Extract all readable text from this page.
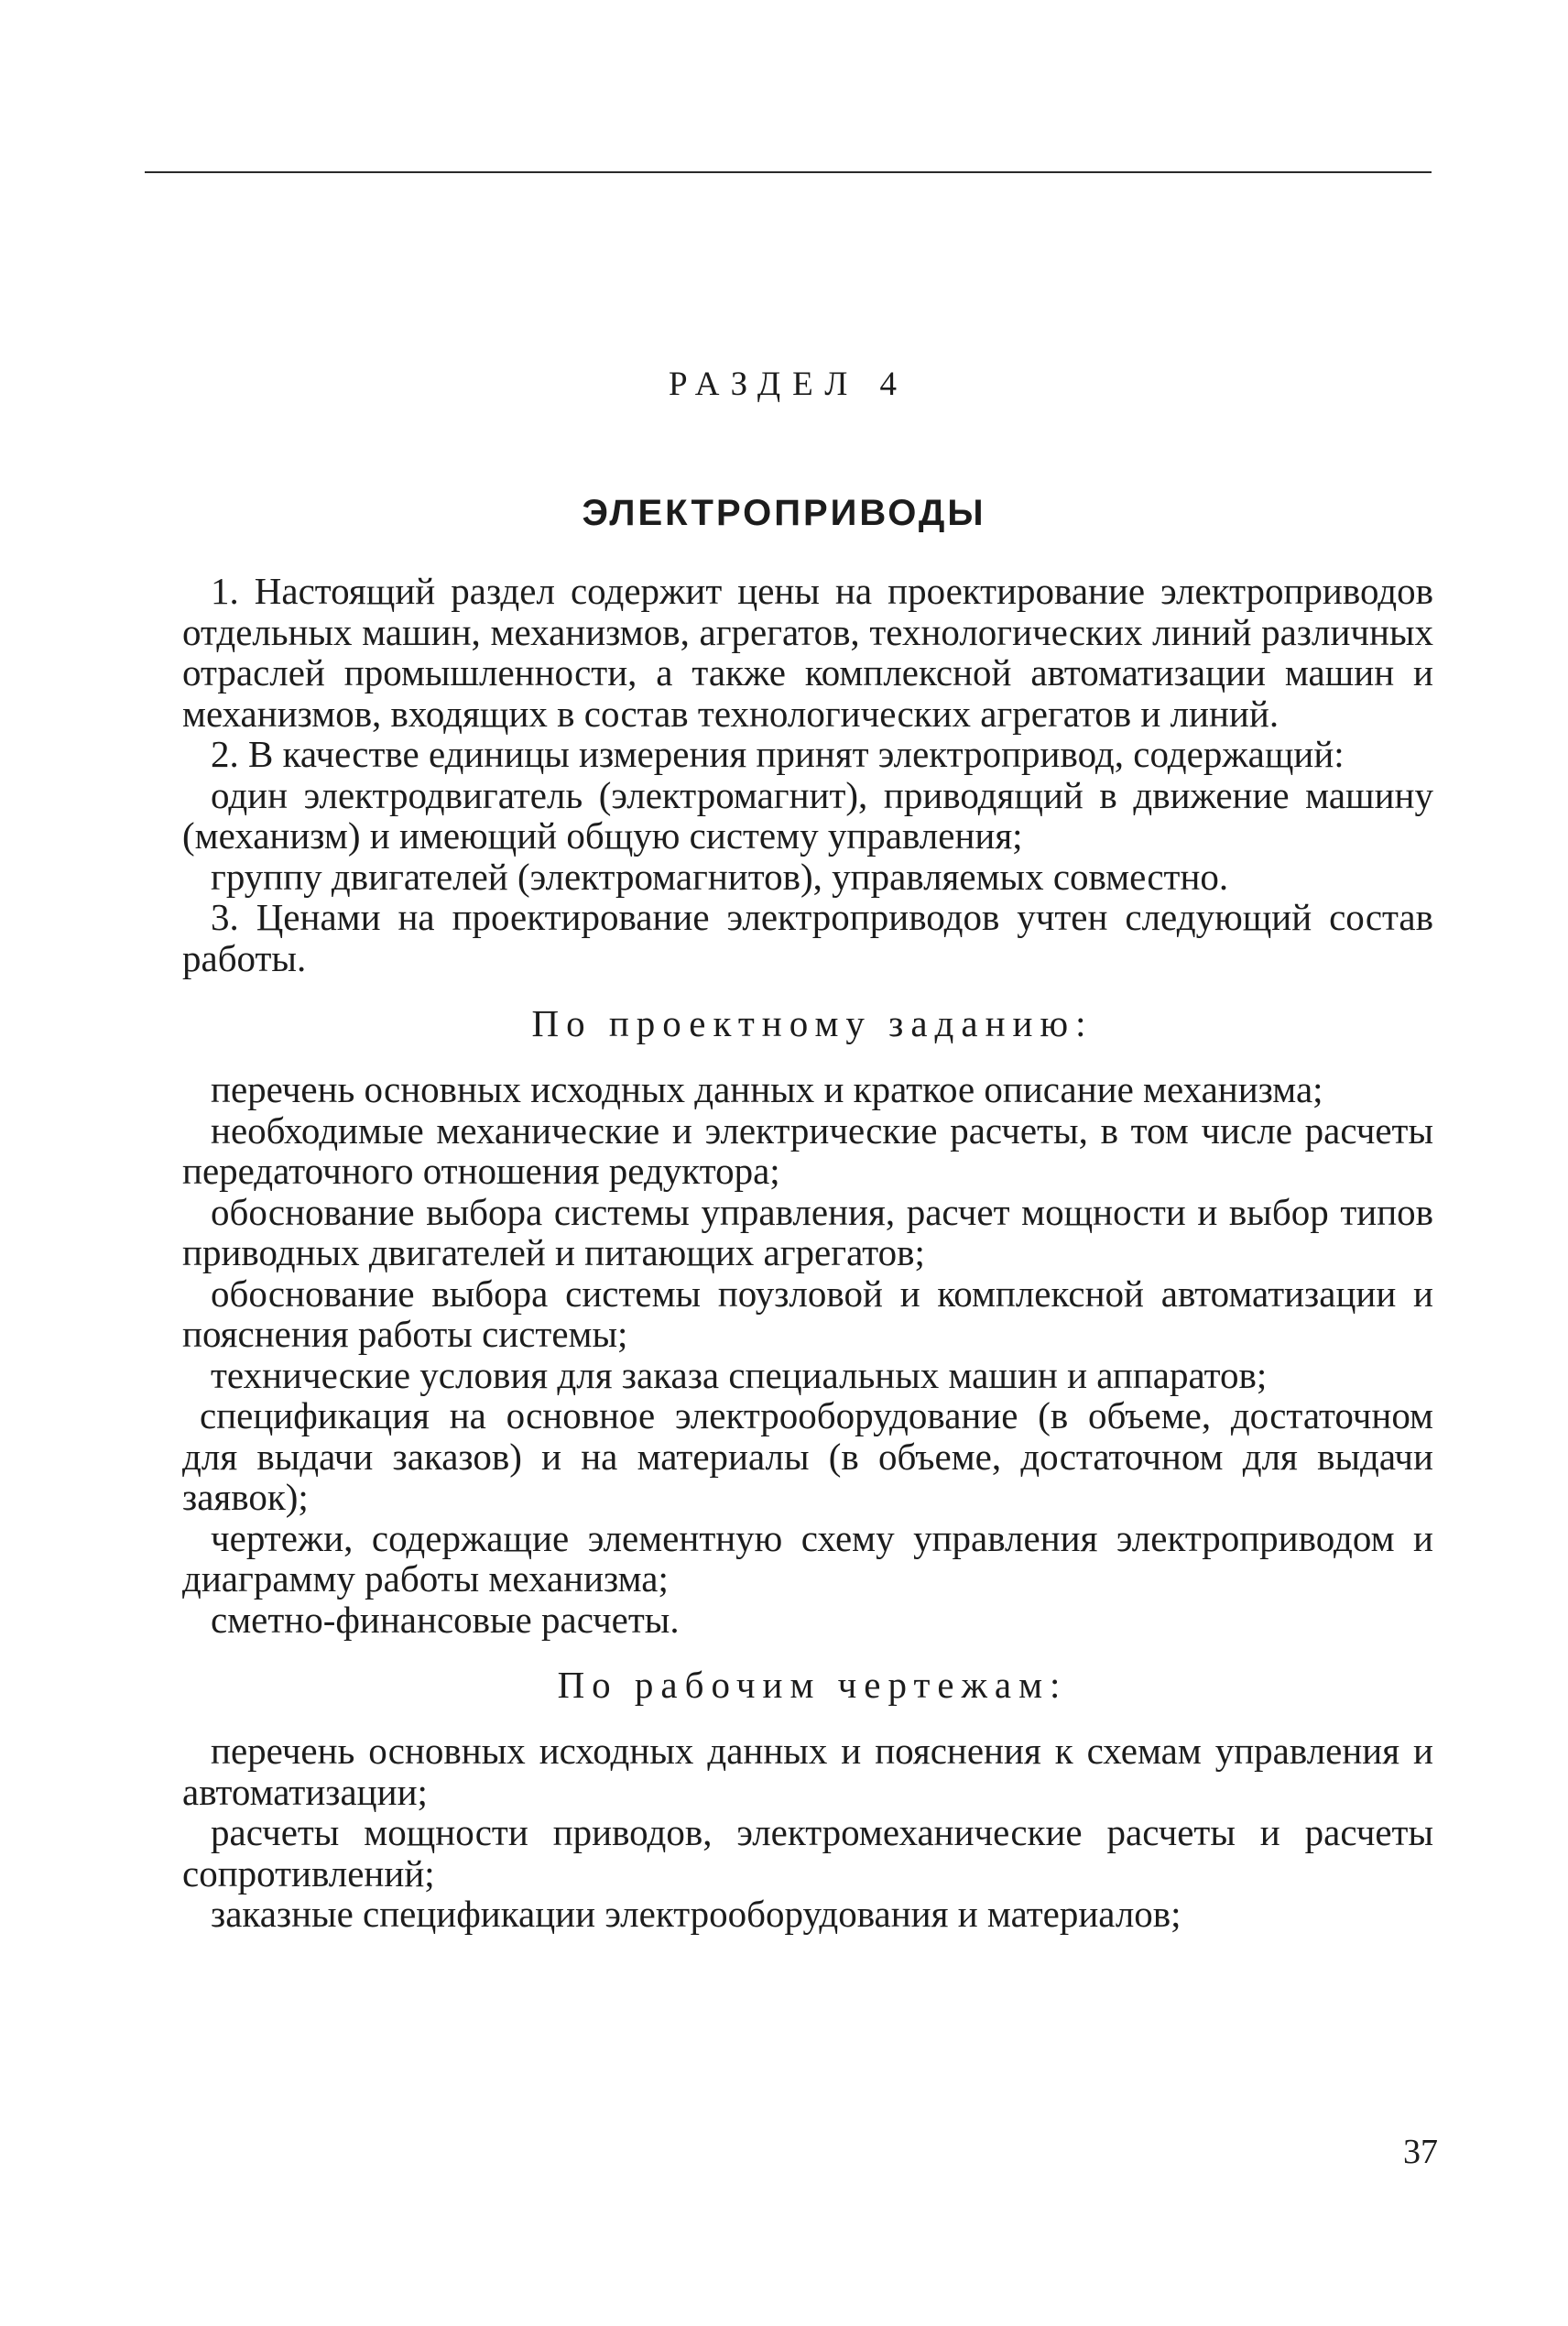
РАЗДЕЛ 4
ЭЛЕКТРОПРИВОДЫ

1. Настоящий раздел содержит цены на проектирование электроприводов отдельных машин, механизмов, агрегатов, технологических линий различных отраслей промышленности, а также комплексной автоматизации машин и механизмов, входящих в состав технологических агрегатов и линий.

2. В качестве единицы измерения принят электропривод, содержащий:

один электродвигатель (электромагнит), приводящий в движение машину (механизм) и имеющий общую систему управления;

группу двигателей (электромагнитов), управляемых совместно.

3. Ценами на проектирование электроприводов учтен следующий состав работы.

По проектному заданию:

перечень основных исходных данных и краткое описание механизма;

необходимые механические и электрические расчеты, в том числе расчеты передаточного отношения редуктора;

обоснование выбора системы управления, расчет мощности и выбор типов приводных двигателей и питающих агрегатов;

обоснование выбора системы поузловой и комплексной автоматизации и пояснения работы системы;

технические условия для заказа специальных машин и аппаратов;

спецификация на основное электрооборудование (в объеме, достаточном для выдачи заказов) и на материалы (в объеме, достаточном для выдачи заявок);

чертежи, содержащие элементную схему управления электроприводом и диаграмму работы механизма;

сметно-финансовые расчеты.

По рабочим чертежам:

перечень основных исходных данных и пояснения к схемам управления и автоматизации;

расчеты мощности приводов, электромеханические расчеты и расчеты сопротивлений;

заказные спецификации электрооборудования и материалов;

37
